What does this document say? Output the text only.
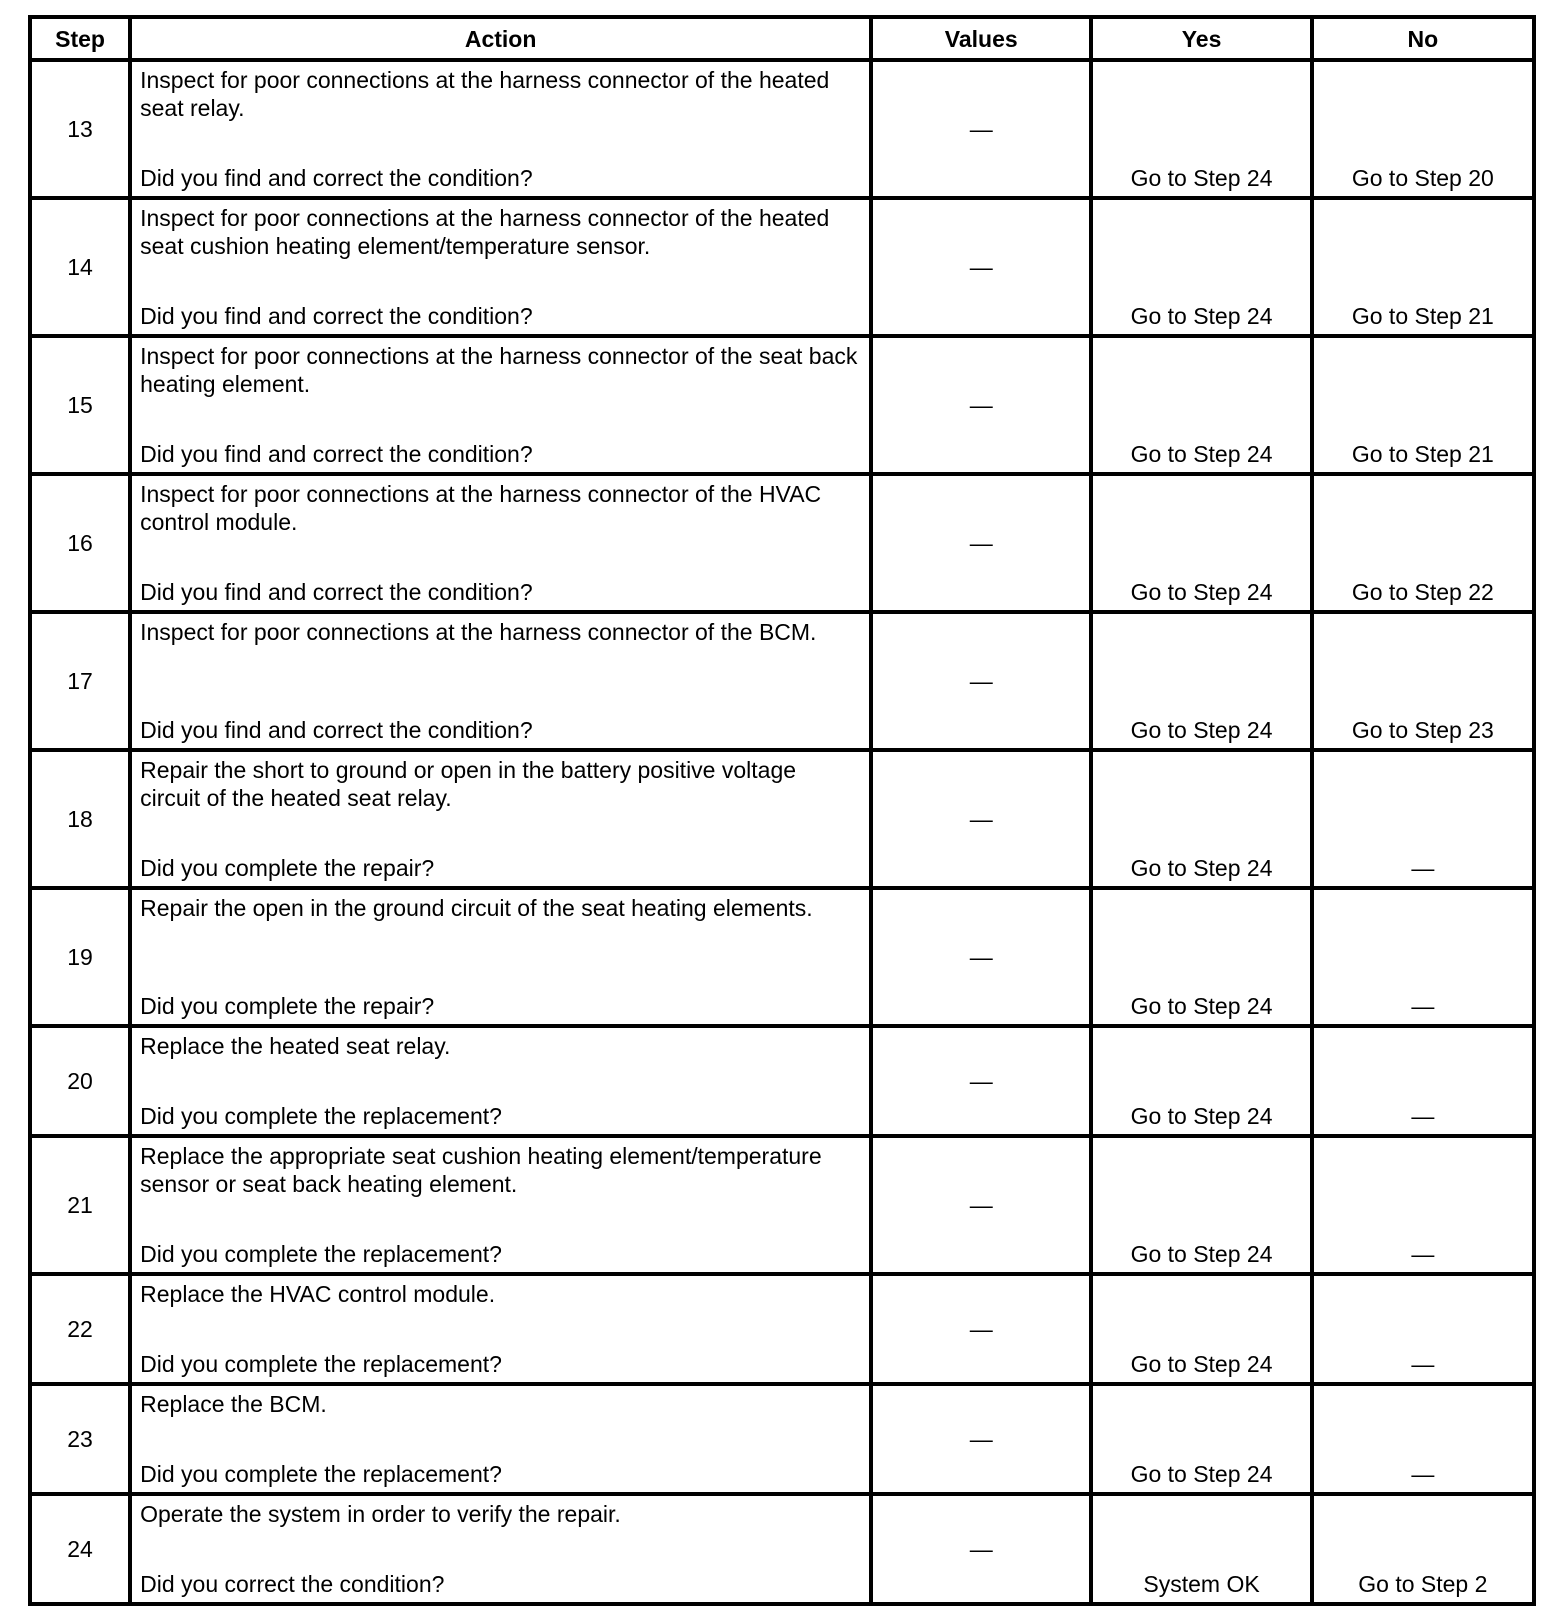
Step	Action	Values	Yes	No
13	Inspect for poor connections at the harness connector of the heated seat relay.
Did you find and correct the condition?	—	Go to Step 24	Go to Step 20
14	Inspect for poor connections at the harness connector of the heated seat cushion heating element/temperature sensor.
Did you find and correct the condition?	—	Go to Step 24	Go to Step 21
15	Inspect for poor connections at the harness connector of the seat back heating element.
Did you find and correct the condition?	—	Go to Step 24	Go to Step 21
16	Inspect for poor connections at the harness connector of the HVAC control module.
Did you find and correct the condition?	—	Go to Step 24	Go to Step 22
17	Inspect for poor connections at the harness connector of the BCM.
Did you find and correct the condition?	—	Go to Step 24	Go to Step 23
18	Repair the short to ground or open in the battery positive voltage circuit of the heated seat relay.
Did you complete the repair?	—	Go to Step 24	—
19	Repair the open in the ground circuit of the seat heating elements.
Did you complete the repair?	—	Go to Step 24	—
20	Replace the heated seat relay.
Did you complete the replacement?	—	Go to Step 24	—
21	Replace the appropriate seat cushion heating element/temperature sensor or seat back heating element.
Did you complete the replacement?	—	Go to Step 24	—
22	Replace the HVAC control module.
Did you complete the replacement?	—	Go to Step 24	—
23	Replace the BCM.
Did you complete the replacement?	—	Go to Step 24	—
24	Operate the system in order to verify the repair.
Did you correct the condition?	—	System OK	Go to Step 2
